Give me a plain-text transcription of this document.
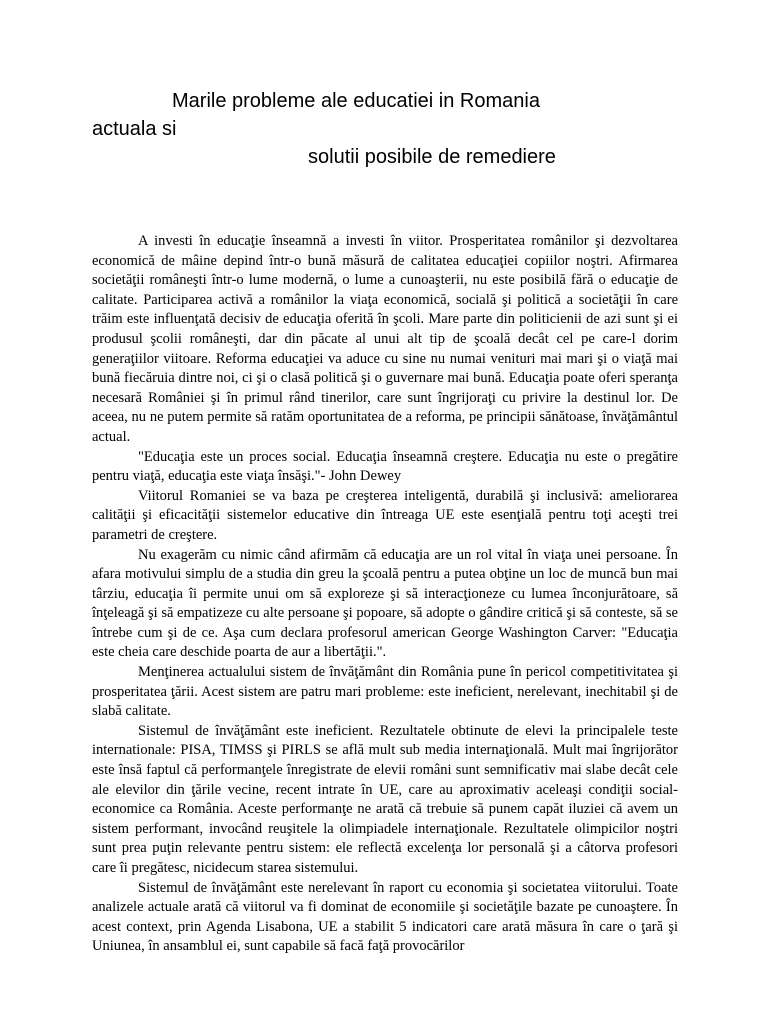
Marile probleme ale educatiei in Romania
actuala si
solutii posibile de remediere

A investi în educaţie înseamnă a investi în viitor. Prosperitatea românilor şi dezvoltarea economică de mâine depind într-o bună măsură de calitatea educaţiei copiilor noştri. Afirmarea societăţii româneşti într-o lume modernă, o lume a cunoaşterii, nu este posibilă fără o educaţie de calitate. Participarea activă a românilor la viaţa economică, socială şi politică a societăţii în care trăim este influenţată decisiv de educaţia oferită în şcoli. Mare parte din politicienii de azi sunt şi ei produsul şcolii româneşti, dar din păcate al unui alt tip de şcoală decât cel pe care-l dorim generaţiilor viitoare. Reforma educaţiei va aduce cu sine nu numai venituri mai mari şi o viaţă mai bună fiecăruia dintre noi, ci şi o clasă politică şi o guvernare mai bună. Educaţia poate oferi speranţa necesară României şi în primul rând tinerilor, care sunt îngrijoraţi cu privire la destinul lor. De aceea, nu ne putem permite să ratăm oportunitatea de a reforma, pe principii sănătoase, învăţământul actual.

"Educaţia este un proces social. Educaţia înseamnă creştere. Educaţia nu este o pregătire pentru viaţă, educaţia este viaţa însăşi."- John Dewey

Viitorul Romaniei se va baza pe creşterea inteligentă, durabilă şi inclusivă: ameliorarea calităţii şi eficacităţii sistemelor educative din întreaga UE este esenţială pentru toţi aceşti trei parametri de creştere.

Nu exagerăm cu nimic când afirmăm că educaţia are un rol vital în viaţa unei persoane. În afara motivului simplu de a studia din greu la şcoală pentru a putea obţine un loc de muncă bun mai târziu, educaţia îi permite unui om să exploreze şi să interacţioneze cu lumea înconjurătoare, să înţeleagă şi să empatizeze cu alte persoane şi popoare, să adopte o gândire critică şi să conteste, să se întrebe cum şi de ce. Aşa cum declara profesorul american George Washington Carver: "Educaţia este cheia care deschide poarta de aur a libertăţii.".

Menţinerea actualului sistem de învăţământ din România pune în pericol competitivitatea şi prosperitatea ţării. Acest sistem are patru mari probleme: este ineficient, nerelevant, inechitabil şi de slabă calitate.

Sistemul de învăţământ este ineficient. Rezultatele obtinute de elevi la principalele teste internationale: PISA, TIMSS şi PIRLS se află mult sub media internaţională. Mult mai îngrijorător este însă faptul că performanţele înregistrate de elevii români sunt semnificativ mai slabe decât cele ale elevilor din ţările vecine, recent intrate în UE, care au aproximativ aceleaşi condiţii social-economice ca România. Aceste performanţe ne arată că trebuie să punem capăt iluziei că avem un sistem performant, invocând reuşitele la olimpiadele internaţionale. Rezultatele olimpicilor noştri sunt prea puţin relevante pentru sistem: ele reflectă excelenţa lor personală şi a câtorva profesori care îi pregătesc, nicidecum starea sistemului.

Sistemul de învăţământ este nerelevant în raport cu economia şi societatea viitorului. Toate analizele actuale arată că viitorul va fi dominat de economiile şi societăţile bazate pe cunoaştere. În acest context, prin Agenda Lisabona, UE a stabilit 5 indicatori care arată măsura în care o ţară şi Uniunea, în ansamblul ei, sunt capabile să facă faţă provocărilor
